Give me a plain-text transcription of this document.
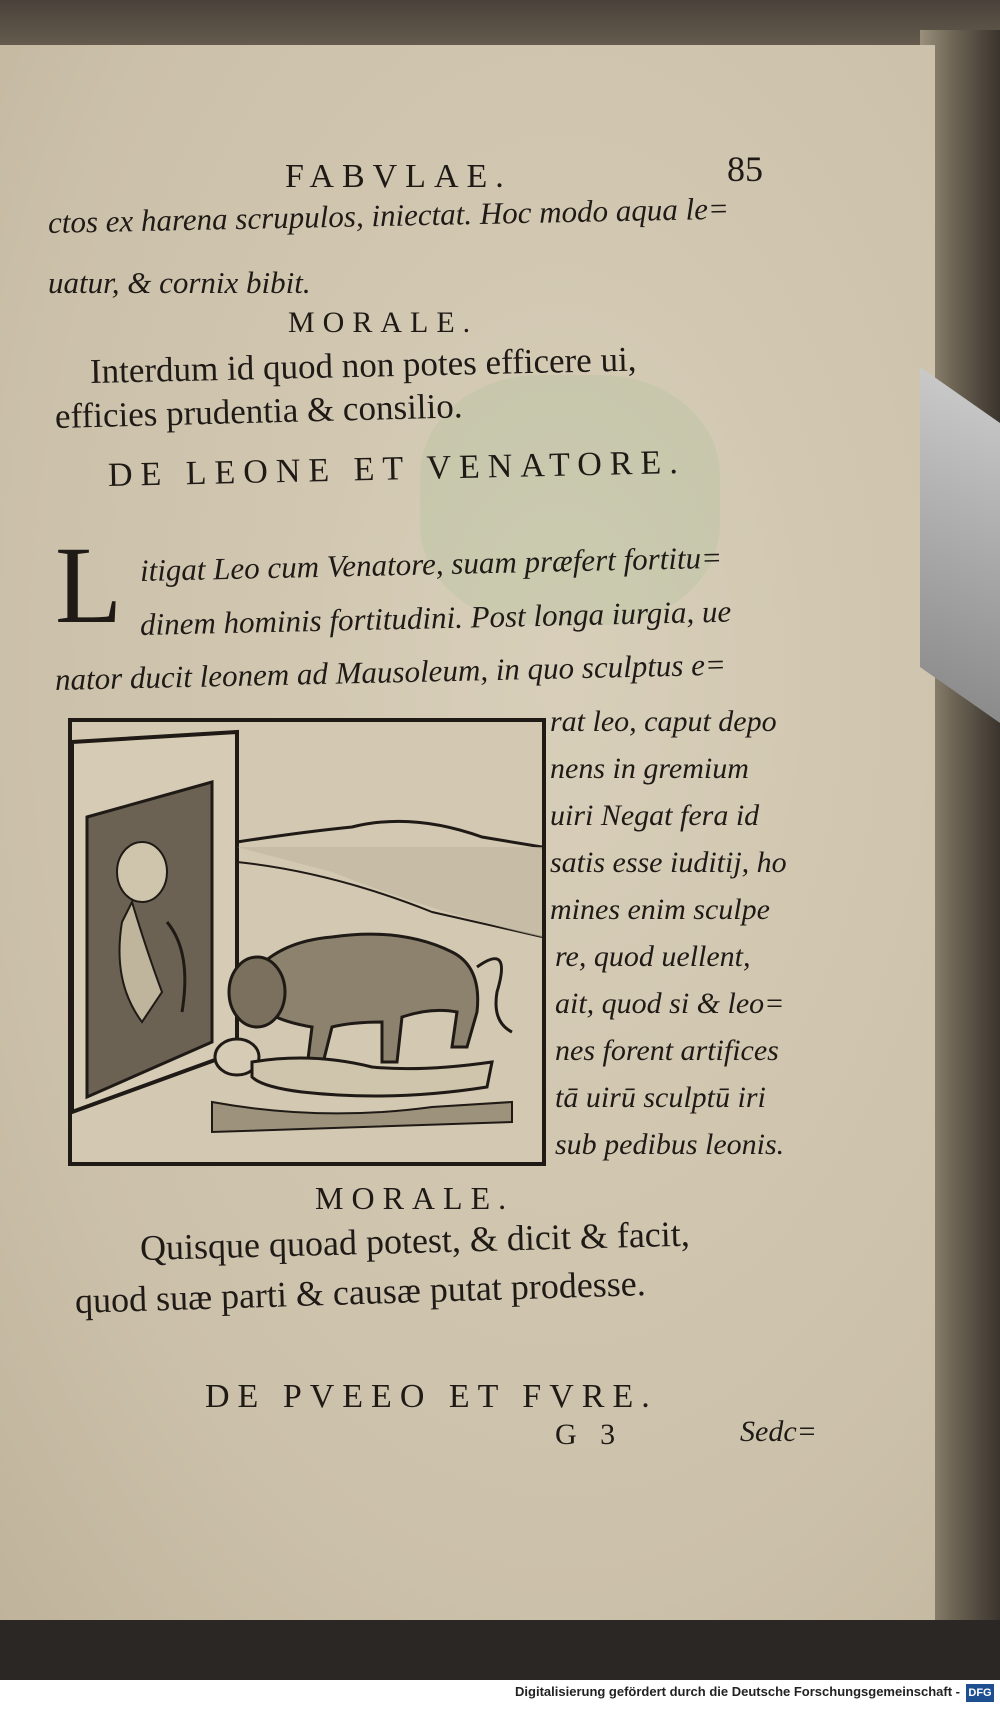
FABVLAE.	85
ctos ex harena scrupulos, iniectat. Hoc modo aqua le=
uatur, & cornix bibit.
MORALE.
Interdum id quod non potes efficere ui,
efficies prudentia & consilio.
DE LEONE ET VENATORE.
L itigat Leo cum Venatore, suam præfert fortitu=
dinem hominis fortitudini. Post longa iurgia, ue
nator ducit leonem ad Mausoleum, in quo sculptus e=
rat leo, caput depo
nens in gremium
uiri Negat fera id
satis esse iuditij, ho
mines enim sculpe
re, quod uellent,
ait, quod si & leo=
nes forent artifices
tā uirū sculptū iri
sub pedibus leonis.
MORALE.
Quisque quoad potest, & dicit & facit,
quod suæ parti & causæ putat prodesse.
DE PVEEO ET FVRE.
G 3	Sedc=
Digitalisierung gefördert durch die Deutsche Forschungsgemeinschaft - DFG
